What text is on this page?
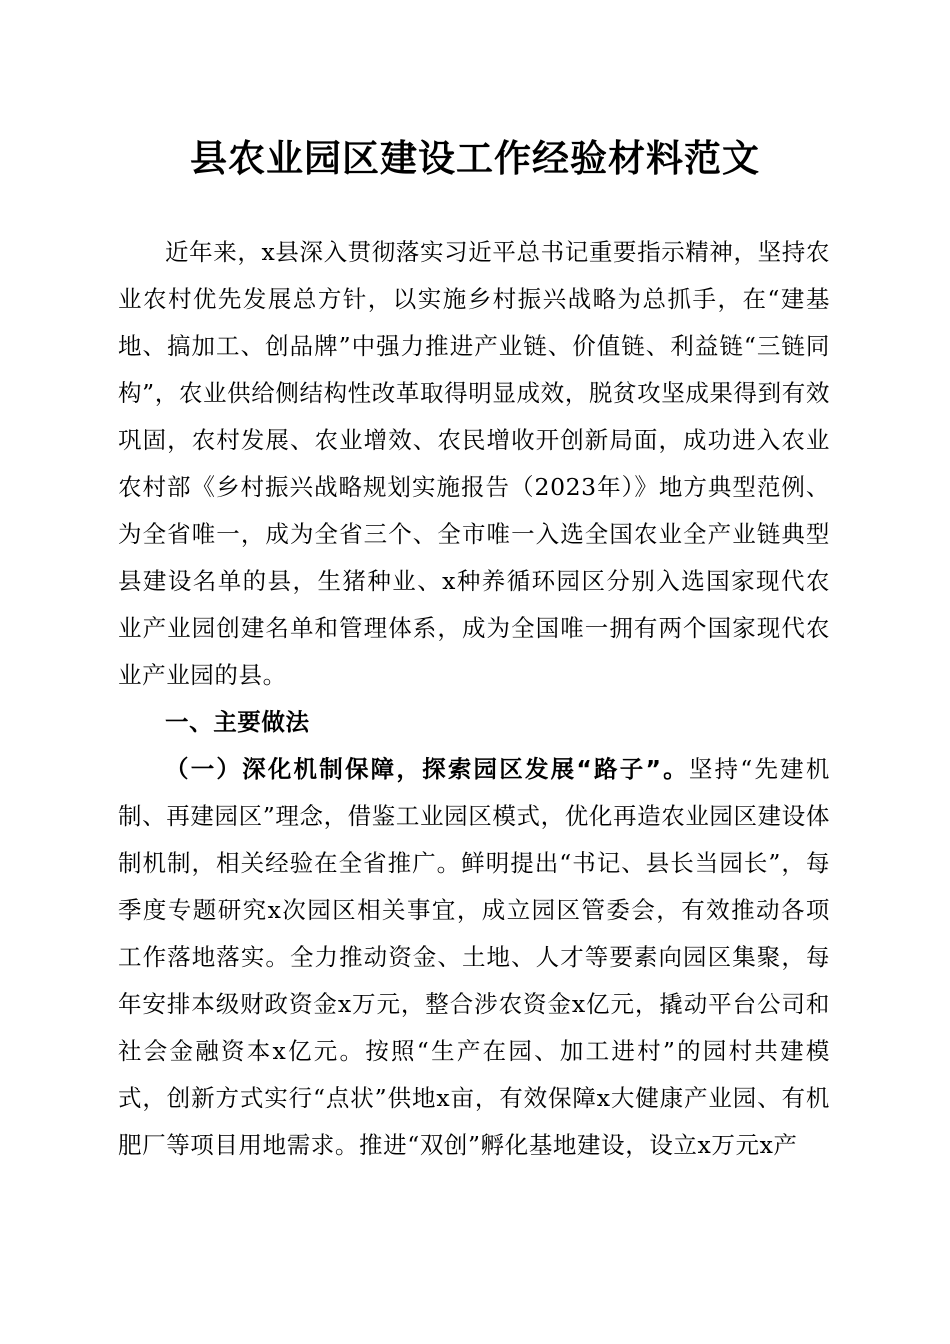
县农业园区建设工作经验材料范文

近年来，x县深入贯彻落实习近平总书记重要指示精神，坚持农业农村优先发展总方针，以实施乡村振兴战略为总抓手，在“建基地、搞加工、创品牌”中强力推进产业链、价值链、利益链“三链同构”，农业供给侧结构性改革取得明显成效，脱贫攻坚成果得到有效巩固，农村发展、农业增效、农民增收开创新局面，成功进入农业农村部《乡村振兴战略规划实施报告（2023年）》地方典型范例、为全省唯一，成为全省三个、全市唯一入选全国农业全产业链典型县建设名单的县，生猪种业、x种养循环园区分别入选国家现代农业产业园创建名单和管理体系，成为全国唯一拥有两个国家现代农业产业园的县。

一、主要做法

（一）深化机制保障，探索园区发展“路子”。坚持“先建机制、再建园区”理念，借鉴工业园区模式，优化再造农业园区建设体制机制，相关经验在全省推广。鲜明提出“书记、县长当园长”，每季度专题研究x次园区相关事宜，成立园区管委会，有效推动各项工作落地落实。全力推动资金、土地、人才等要素向园区集聚，每年安排本级财政资金x万元，整合涉农资金x亿元，撬动平台公司和社会金融资本x亿元。按照“生产在园、加工进村”的园村共建模式，创新方式实行“点状”供地x亩，有效保障x大健康产业园、有机肥厂等项目用地需求。推进“双创”孵化基地建设，设立x万元x产
